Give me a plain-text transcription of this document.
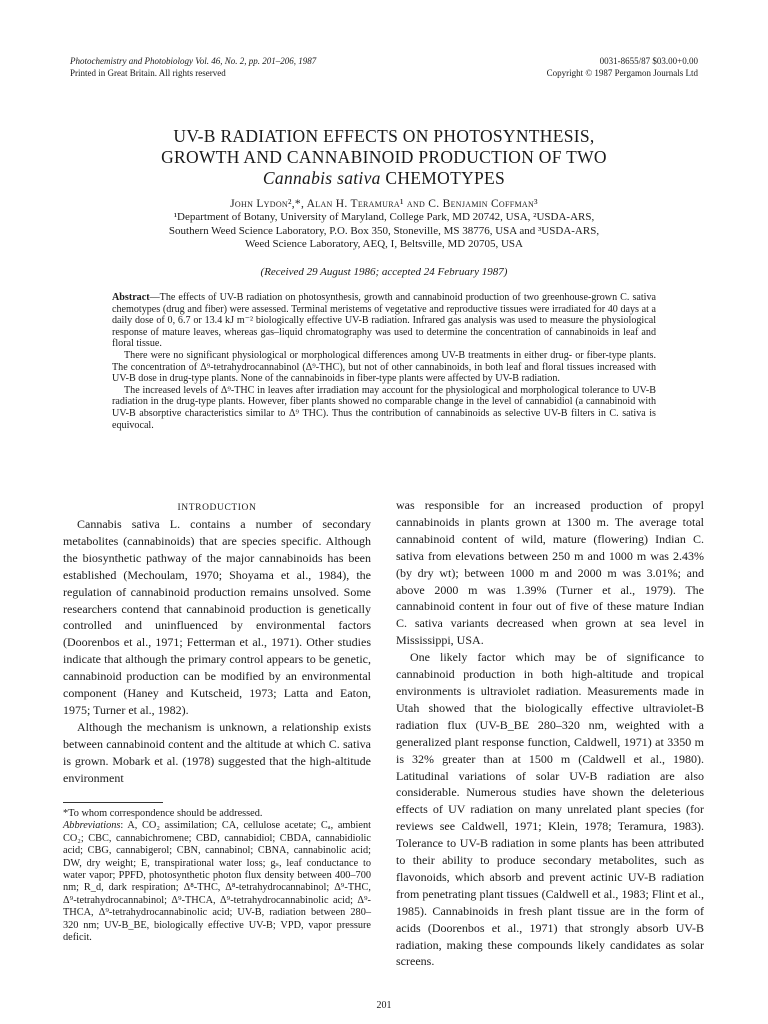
Photochemistry and Photobiology Vol. 46, No. 2, pp. 201–206, 1987
Printed in Great Britain. All rights reserved
0031-8655/87 $03.00+0.00
Copyright © 1987 Pergamon Journals Ltd
UV-B RADIATION EFFECTS ON PHOTOSYNTHESIS,
GROWTH AND CANNABINOID PRODUCTION OF TWO
Cannabis sativa CHEMOTYPES
John Lydon²,*, Alan H. Teramura¹ and C. Benjamin Coffman³
¹Department of Botany, University of Maryland, College Park, MD 20742, USA, ²USDA-ARS,
Southern Weed Science Laboratory, P.O. Box 350, Stoneville, MS 38776, USA and ³USDA-ARS,
Weed Science Laboratory, AEQ, I, Beltsville, MD 20705, USA
(Received 29 August 1986; accepted 24 February 1987)

Abstract—The effects of UV-B radiation on photosynthesis, growth and cannabinoid production of two greenhouse-grown C. sativa chemotypes (drug and fiber) were assessed. Terminal meristems of vegetative and reproductive tissues were irradiated for 40 days at a daily dose of 0, 6.7 or 13.4 kJ m⁻² biologically effective UV-B radiation. Infrared gas analysis was used to measure the physiological response of mature leaves, whereas gas–liquid chromatography was used to determine the concentration of cannabinoids in leaf and floral tissue.

There were no significant physiological or morphological differences among UV-B treatments in either drug- or fiber-type plants. The concentration of Δ⁹-tetrahydrocannabinol (Δ⁹-THC), but not of other cannabinoids, in both leaf and floral tissues increased with UV-B dose in drug-type plants. None of the cannabinoids in fiber-type plants were affected by UV-B radiation.

The increased levels of Δ⁹-THC in leaves after irradiation may account for the physiological and morphological tolerance to UV-B radiation in the drug-type plants. However, fiber plants showed no comparable change in the level of cannabidiol (a cannabinoid with UV-B absorptive characteristics similar to Δ⁹ THC). Thus the contribution of cannabinoids as selective UV-B filters in C. sativa is equivocal.

INTRODUCTION

Cannabis sativa L. contains a number of secondary metabolites (cannabinoids) that are species specific. Although the biosynthetic pathway of the major cannabinoids has been established (Mechoulam, 1970; Shoyama et al., 1984), the regulation of cannabinoid production remains unsolved. Some researchers contend that cannabinoid production is genetically controlled and uninfluenced by environmental factors (Doorenbos et al., 1971; Fetterman et al., 1971). Other studies indicate that although the primary control appears to be genetic, cannabinoid production can be modified by an environmental component (Haney and Kutscheid, 1973; Latta and Eaton, 1975; Turner et al., 1982).

Although the mechanism is unknown, a relationship exists between cannabinoid content and the altitude at which C. sativa is grown. Mobark et al. (1978) suggested that the high-altitude environment

was responsible for an increased production of propyl cannabinoids in plants grown at 1300 m. The average total cannabinoid content of wild, mature (flowering) Indian C. sativa from elevations between 250 m and 1000 m was 2.43% (by dry wt); between 1000 m and 2000 m was 3.01%; and above 2000 m was 1.39% (Turner et al., 1979). The cannabinoid content in four out of five of these mature Indian C. sativa variants decreased when grown at sea level in Mississippi, USA.

One likely factor which may be of significance to cannabinoid production in both high-altitude and tropical environments is ultraviolet radiation. Measurements made in Utah showed that the biologically effective ultraviolet-B radiation flux (UV-B_BE 280–320 nm, weighted with a generalized plant response function, Caldwell, 1971) at 3350 m is 32% greater than at 1500 m (Caldwell et al., 1980). Latitudinal variations of solar UV-B radiation are also considerable. Numerous studies have shown the deleterious effects of UV radiation on many unrelated plant species (for reviews see Caldwell, 1971; Klein, 1978; Teramura, 1983). Tolerance to UV-B radiation in some plants has been attributed to their ability to produce secondary metabolites, such as flavonoids, which absorb and prevent actinic UV-B radiation from penetrating plant tissues (Caldwell et al., 1983; Flint et al., 1985). Cannabinoids in fresh plant tissue are in the form of acids (Doorenbos et al., 1971) that strongly absorb UV-B radiation, making these compounds likely candidates as solar screens.

*To whom correspondence should be addressed.

Abbreviations: A, CO₂ assimilation; CA, cellulose acetate; Cₐ, ambient CO₂; CBC, cannabichromene; CBD, cannabidiol; CBDA, cannabidiolic acid; CBG, cannabigerol; CBN, cannabinol; CBNA, cannabinolic acid; DW, dry weight; E, transpirational water loss; gₛ, leaf conductance to water vapor; PPFD, photosynthetic photon flux density between 400–700 nm; R_d, dark respiration; Δ⁸-THC, Δ⁸-tetrahydrocannabinol; Δ⁹-THC, Δ⁹-tetrahydrocannabinol; Δ⁹-THCA, Δ⁹-tetrahydrocannabinolic acid; Δ⁹-THCA, Δ⁹-tetrahydrocannabinolic acid; UV-B, radiation between 280–320 nm; UV-B_BE, biologically effective UV-B; VPD, vapor pressure deficit.

201
